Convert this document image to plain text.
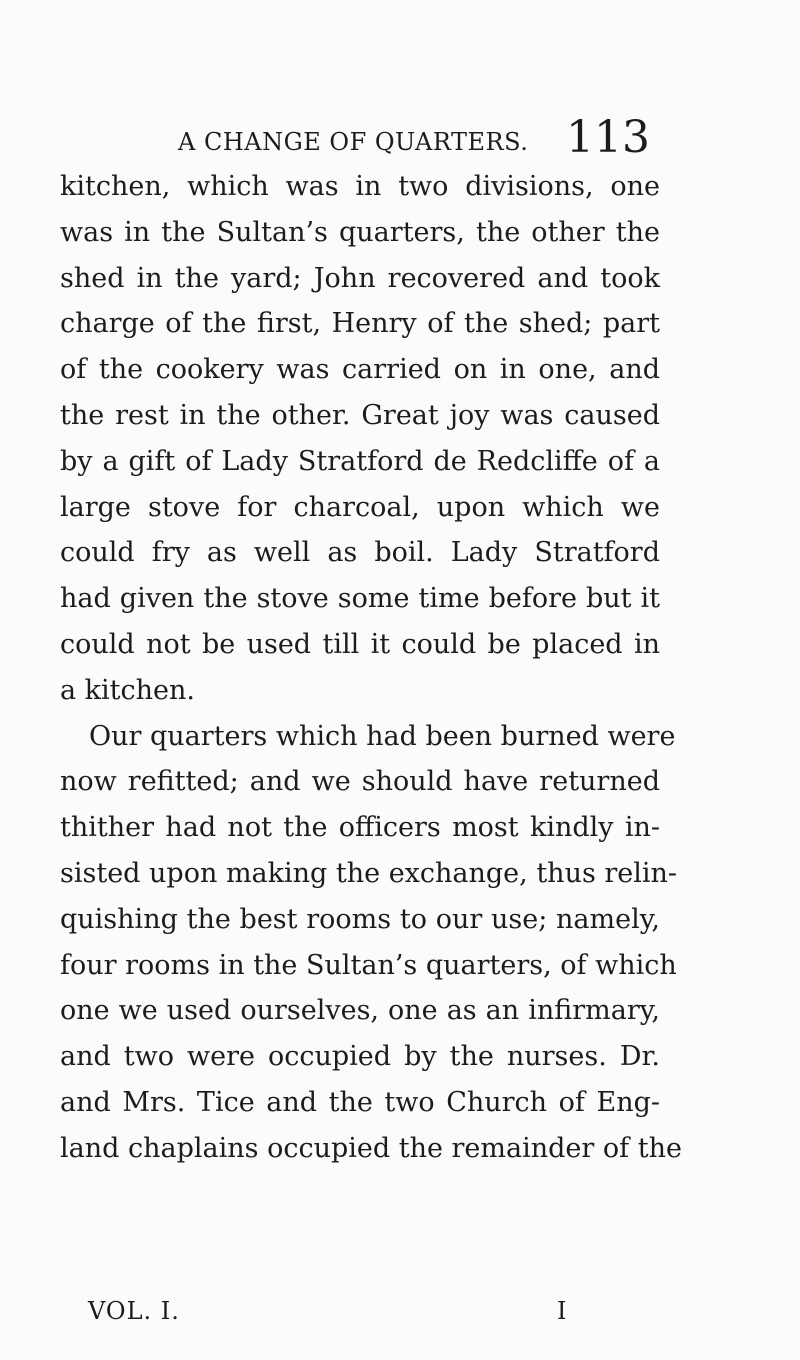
A CHANGE OF QUARTERS. 113
kitchen, which was in two divisions, one
was in the Sultan’s quarters, the other the
shed in the yard; John recovered and took
charge of the first, Henry of the shed; part
of the cookery was carried on in one, and
the rest in the other. Great joy was caused
by a gift of Lady Stratford de Redcliffe of a
large stove for charcoal, upon which we
could fry as well as boil. Lady Stratford
had given the stove some time before but it
could not be used till it could be placed in
a kitchen.
Our quarters which had been burned were
now refitted; and we should have returned
thither had not the officers most kindly in-
sisted upon making the exchange, thus relin-
quishing the best rooms to our use; namely,
four rooms in the Sultan’s quarters, of which
one we used ourselves, one as an infirmary,
and two were occupied by the nurses. Dr.
and Mrs. Tice and the two Church of Eng-
land chaplains occupied the remainder of the
VOL. I.	I
